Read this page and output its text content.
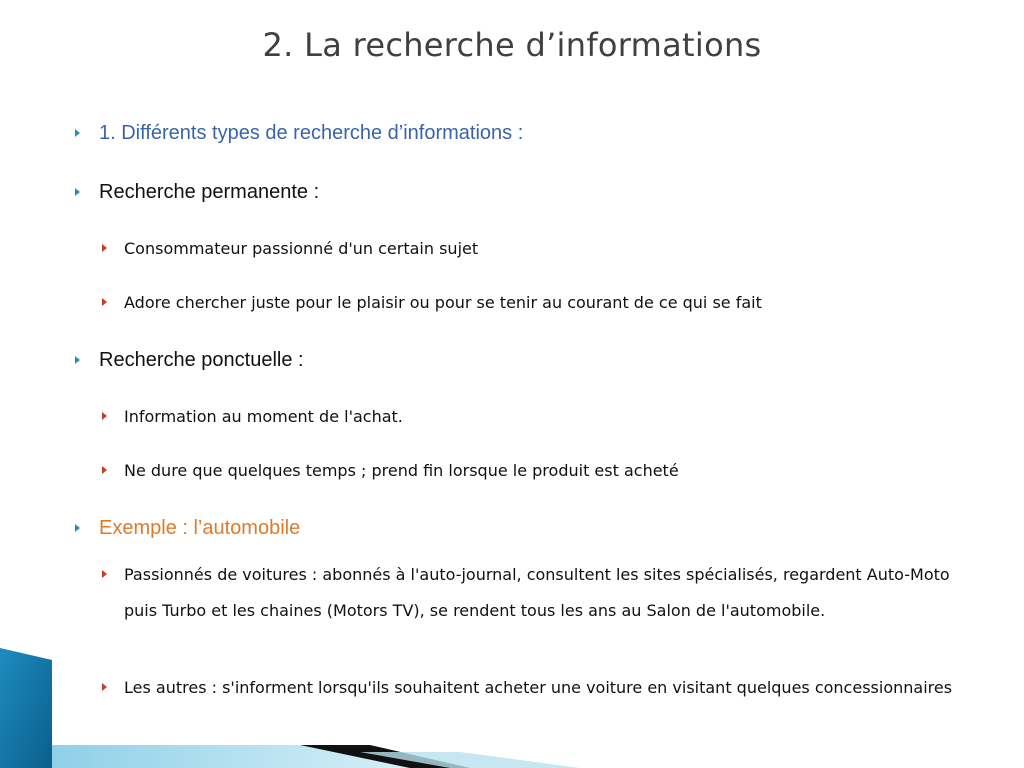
2. La recherche d’informations
1. Différents types de recherche d’informations :
Recherche permanente :
Consommateur passionné d'un certain sujet
Adore chercher juste pour le plaisir ou pour se tenir au courant de ce qui se fait
Recherche ponctuelle :
Information au moment de l'achat.
Ne dure que quelques temps ; prend fin lorsque le produit est acheté
Exemple : l’automobile
Passionnés de voitures : abonnés à l'auto-journal, consultent les sites spécialisés, regardent Auto-Moto puis Turbo et les chaines (Motors TV), se rendent tous les ans au Salon de l'automobile.
Les autres : s'informent lorsqu'ils souhaitent acheter une voiture en visitant quelques concessionnaires
